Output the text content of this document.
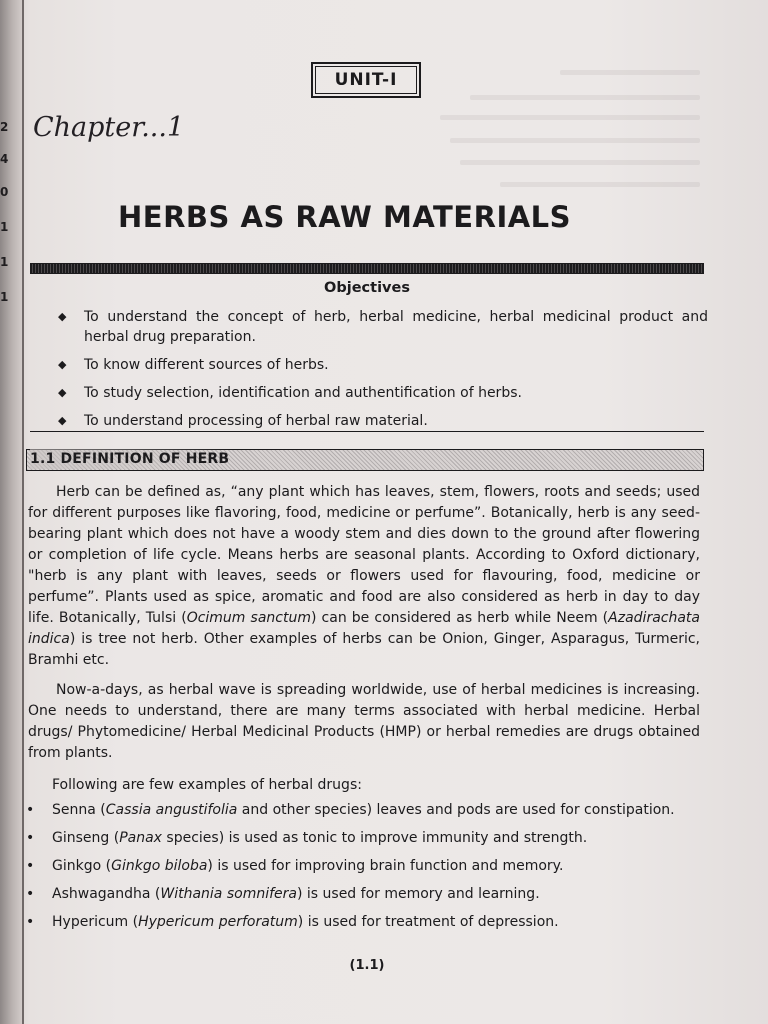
2
4
0
1
1
1
UNIT-I
Chapter...1
HERBS AS RAW MATERIALS
Objectives
◆ To understand the concept of herb, herbal medicine, herbal medicinal product and herbal drug preparation.
◆ To know different sources of herbs.
◆ To study selection, identification and authentification of herbs.
◆ To understand processing of herbal raw material.
1.1 DEFINITION OF HERB

Herb can be defined as, “any plant which has leaves, stem, flowers, roots and seeds; used for different purposes like flavoring, food, medicine or perfume”. Botanically, herb is any seed-bearing plant which does not have a woody stem and dies down to the ground after flowering or completion of life cycle. Means herbs are seasonal plants. According to Oxford dictionary, "herb is any plant with leaves, seeds or flowers used for flavouring, food, medicine or perfume”. Plants used as spice, aromatic and food are also considered as herb in day to day life. Botanically, Tulsi (Ocimum sanctum) can be considered as herb while Neem (Azadirachata indica) is tree not herb. Other examples of herbs can be Onion, Ginger, Asparagus, Turmeric, Bramhi etc.

Now-a-days, as herbal wave is spreading worldwide, use of herbal medicines is increasing. One needs to understand, there are many terms associated with herbal medicine. Herbal drugs/ Phytomedicine/ Herbal Medicinal Products (HMP) or herbal remedies are drugs obtained from plants.

Following are few examples of herbal drugs:

• Senna (Cassia angustifolia and other species) leaves and pods are used for constipation.
• Ginseng (Panax species) is used as tonic to improve immunity and strength.
• Ginkgo (Ginkgo biloba) is used for improving brain function and memory.
• Ashwagandha (Withania somnifera) is used for memory and learning.
• Hypericum (Hypericum perforatum) is used for treatment of depression.
(1.1)
